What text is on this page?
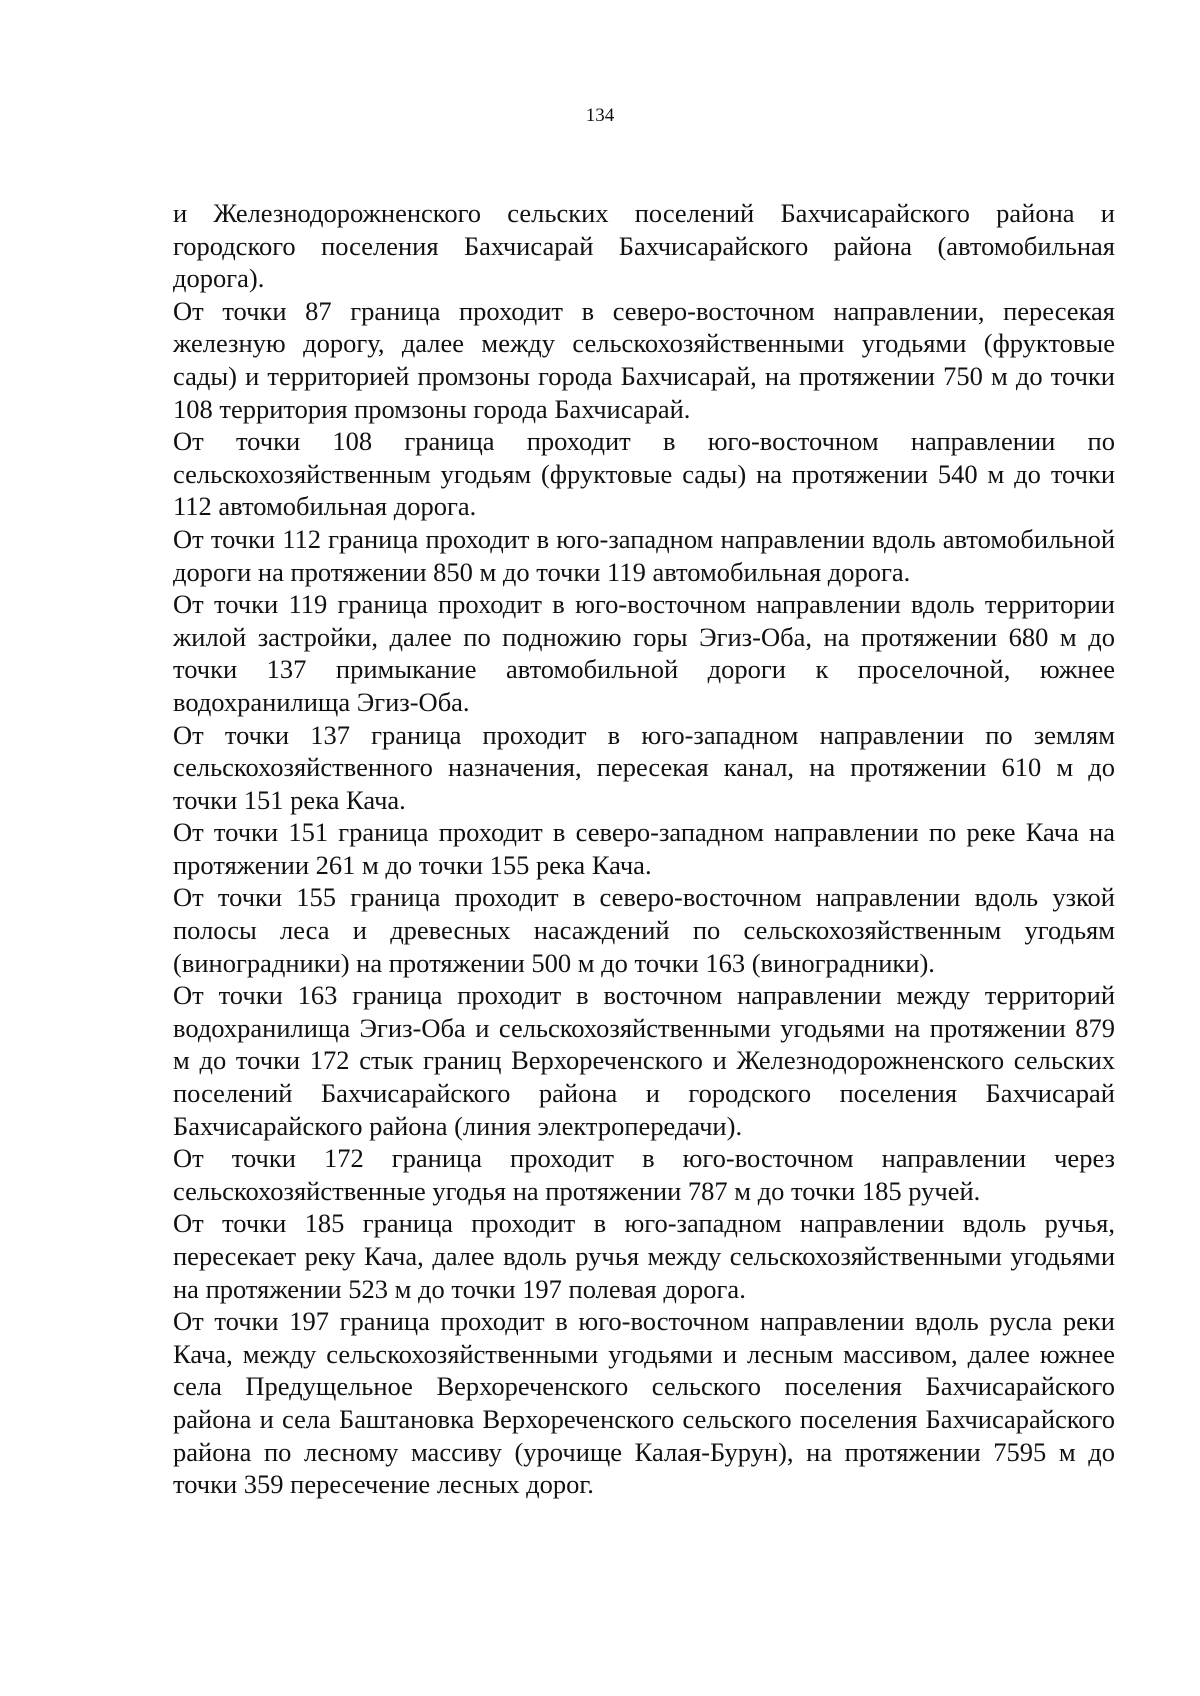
134

и Железнодорожненского сельских поселений Бахчисарайского района и городского поселения Бахчисарай Бахчисарайского района (автомобильная дорога).

От точки 87 граница проходит в северо-восточном направлении, пересекая железную дорогу, далее между сельскохозяйственными угодьями (фруктовые сады) и территорией промзоны города Бахчисарай, на протяжении 750 м до точки 108 территория промзоны города Бахчисарай.

От точки 108 граница проходит в юго-восточном направлении по сельскохозяйственным угодьям (фруктовые сады) на протяжении 540 м до точки 112 автомобильная дорога.

От точки 112 граница проходит в юго-западном направлении вдоль автомобильной дороги на протяжении 850 м до точки 119 автомобильная дорога.

От точки 119 граница проходит в юго-восточном направлении вдоль территории жилой застройки, далее по подножию горы Эгиз-Оба, на протяжении 680 м до точки 137 примыкание автомобильной дороги к проселочной, южнее водохранилища Эгиз-Оба.

От точки 137 граница проходит в юго-западном направлении по землям сельскохозяйственного назначения, пересекая канал, на протяжении 610 м до точки 151 река Кача.

От точки 151 граница проходит в северо-западном направлении по реке Кача на протяжении 261 м до точки 155 река Кача.

От точки 155 граница проходит в северо-восточном направлении вдоль узкой полосы леса и древесных насаждений по сельскохозяйственным угодьям (виноградники) на протяжении 500 м до точки 163 (виноградники).

От точки 163 граница проходит в восточном направлении между территорий водохранилища Эгиз-Оба и сельскохозяйственными угодьями на протяжении 879 м до точки 172 стык границ Верхореченского и Железнодорожненского сельских поселений Бахчисарайского района и городского поселения Бахчисарай Бахчисарайского района (линия электропередачи).

От точки 172 граница проходит в юго-восточном направлении через сельскохозяйственные угодья на протяжении 787 м до точки 185 ручей.

От точки 185 граница проходит в юго-западном направлении вдоль ручья, пересекает реку Кача, далее вдоль ручья между сельскохозяйственными угодьями на протяжении 523 м до точки 197 полевая дорога.

От точки 197 граница проходит в юго-восточном направлении вдоль русла реки Кача, между сельскохозяйственными угодьями и лесным массивом, далее южнее села Предущельное Верхореченского сельского поселения Бахчисарайского района и села Баштановка Верхореченского сельского поселения Бахчисарайского района по лесному массиву (урочище Калая-Бурун), на протяжении 7595 м до точки 359 пересечение лесных дорог.
